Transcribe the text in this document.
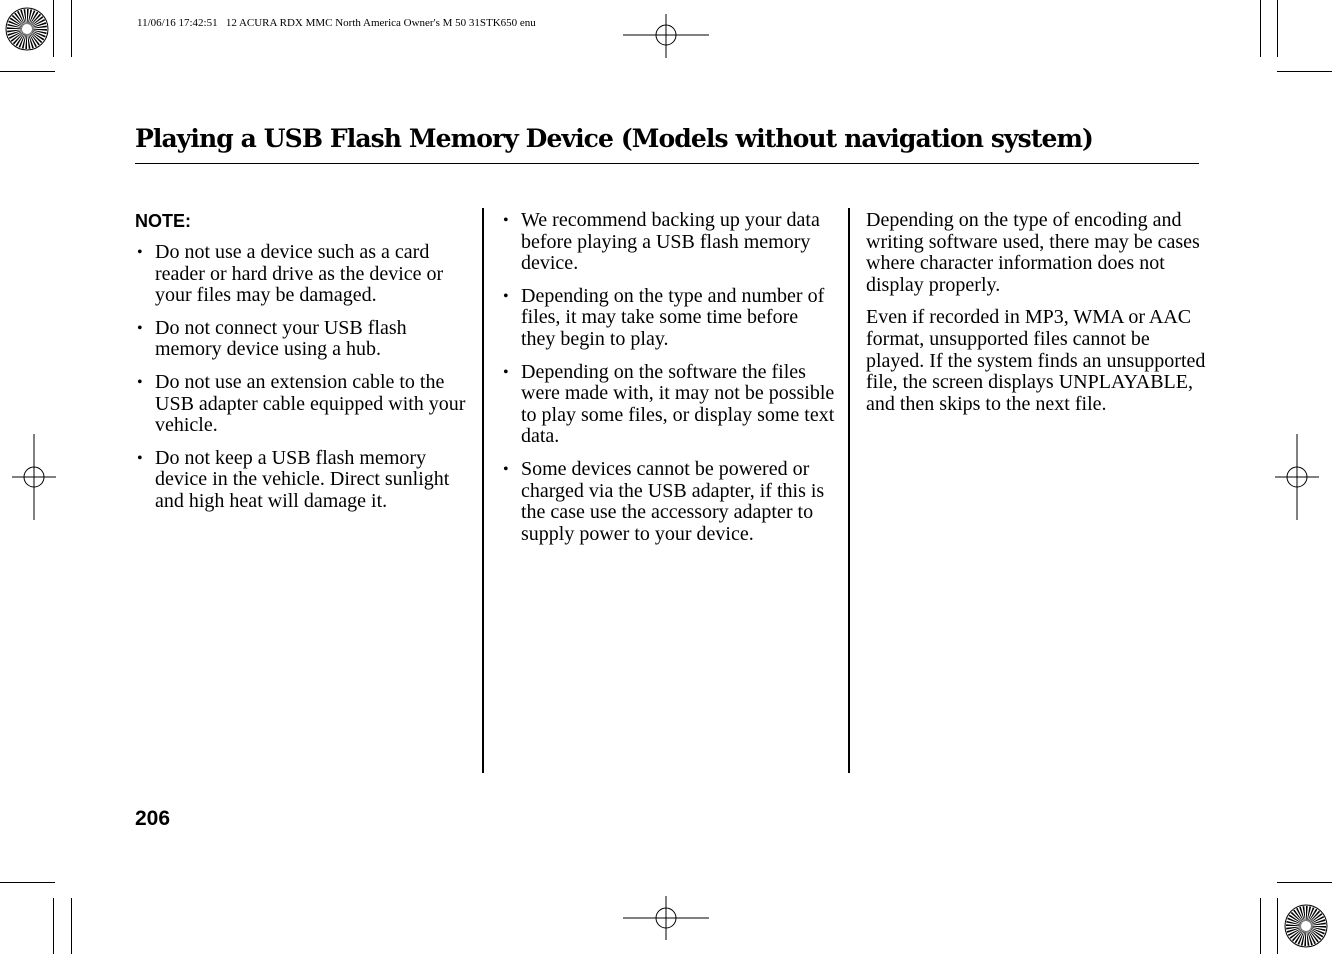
11/06/16 17:42:51   12 ACURA RDX MMC North America Owner's M 50 31STK650 enu
Playing a USB Flash Memory Device (Models without navigation system)
NOTE:
• Do not use a device such as a card reader or hard drive as the device or your files may be damaged.
• Do not connect your USB flash memory device using a hub.
• Do not use an extension cable to the USB adapter cable equipped with your vehicle.
• Do not keep a USB flash memory device in the vehicle. Direct sunlight and high heat will damage it.
• We recommend backing up your data before playing a USB flash memory device.
• Depending on the type and number of files, it may take some time before they begin to play.
• Depending on the software the files were made with, it may not be possible to play some files, or display some text data.
• Some devices cannot be powered or charged via the USB adapter, if this is the case use the accessory adapter to supply power to your device.

Depending on the type of encoding and writing software used, there may be cases where character information does not display properly.

Even if recorded in MP3, WMA or AAC format, unsupported files cannot be played. If the system finds an unsupported file, the screen displays UNPLAYABLE, and then skips to the next file.

206
